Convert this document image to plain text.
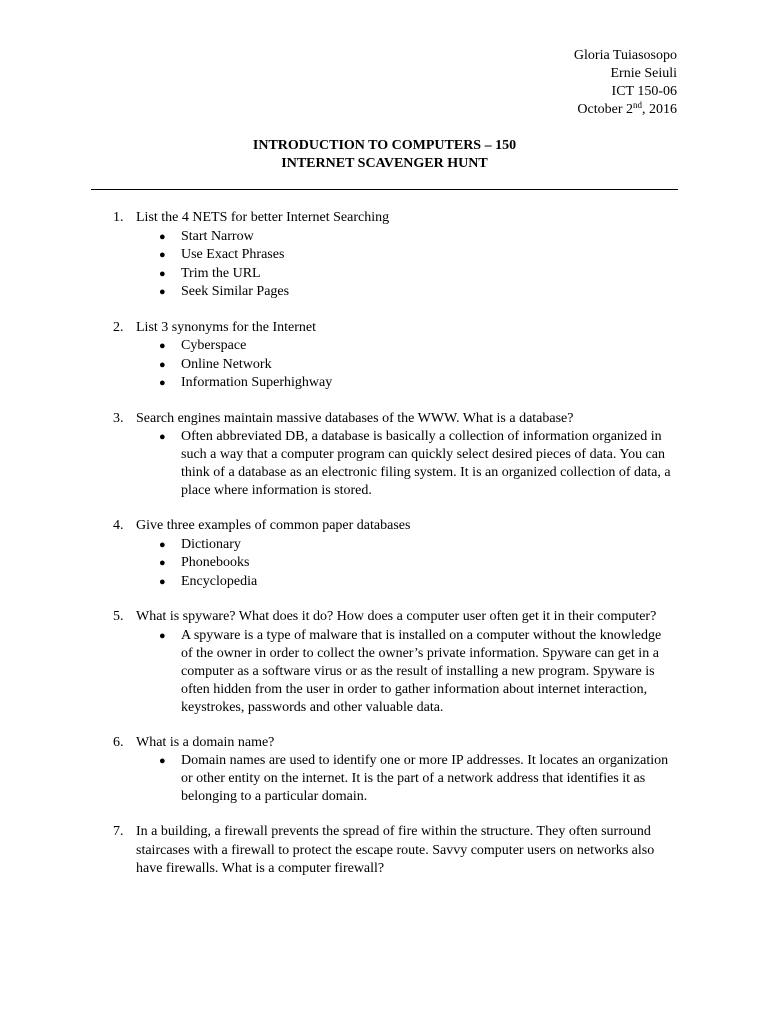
Gloria Tuiasosopo
Ernie Seiuli
ICT 150-06
October 2nd, 2016
INTRODUCTION TO COMPUTERS – 150
INTERNET SCAVENGER HUNT
1. List the 4 NETS for better Internet Searching
● Start Narrow
● Use Exact Phrases
● Trim the URL
● Seek Similar Pages
2. List 3 synonyms for the Internet
● Cyberspace
● Online Network
● Information Superhighway
3. Search engines maintain massive databases of the WWW. What is a database?
● Often abbreviated DB, a database is basically a collection of information organized in such a way that a computer program can quickly select desired pieces of data. You can think of a database as an electronic filing system. It is an organized collection of data, a place where information is stored.
4. Give three examples of common paper databases
● Dictionary
● Phonebooks
● Encyclopedia
5. What is spyware? What does it do? How does a computer user often get it in their computer?
● A spyware is a type of malware that is installed on a computer without the knowledge of the owner in order to collect the owner’s private information. Spyware can get in a computer as a software virus or as the result of installing a new program. Spyware is often hidden from the user in order to gather information about internet interaction, keystrokes, passwords and other valuable data.
6. What is a domain name?
● Domain names are used to identify one or more IP addresses. It locates an organization or other entity on the internet. It is the part of a network address that identifies it as belonging to a particular domain.
7. In a building, a firewall prevents the spread of fire within the structure. They often surround staircases with a firewall to protect the escape route. Savvy computer users on networks also have firewalls. What is a computer firewall?
